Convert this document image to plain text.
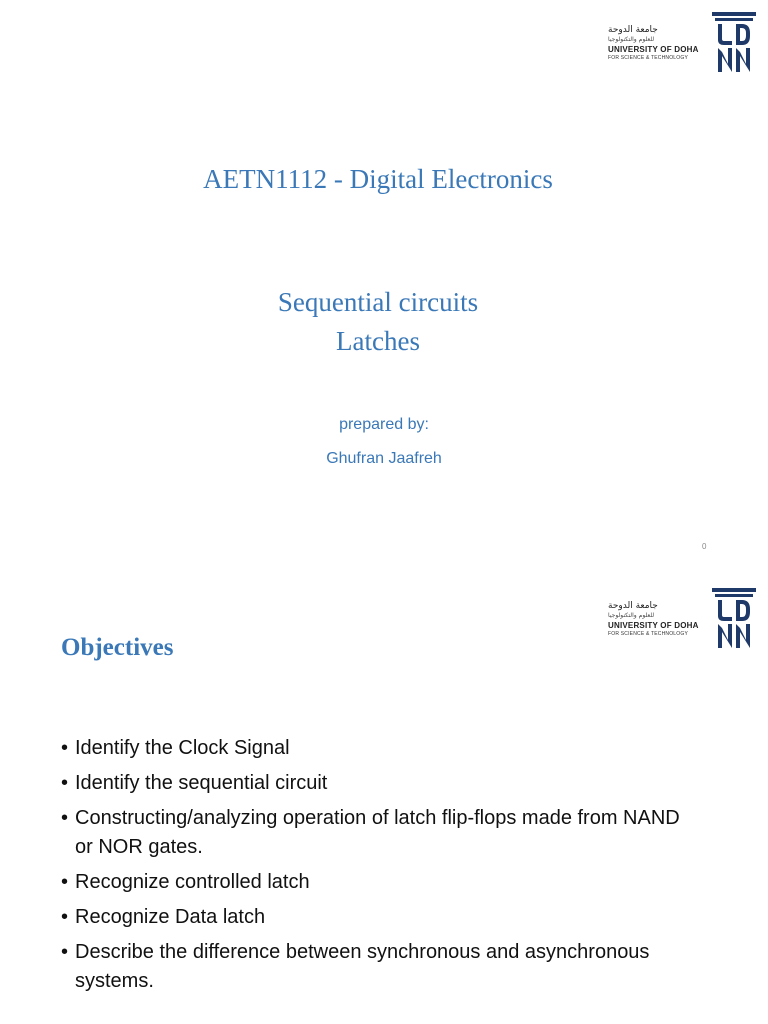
جامعة الدوحة
للعلوم والتكنولوجيا
UNIVERSITY OF DOHA
FOR SCIENCE & TECHNOLOGY
AETN1112 - Digital Electronics
Sequential circuits
Latches
prepared by:
Ghufran Jaafreh
0
جامعة الدوحة
للعلوم والتكنولوجيا
UNIVERSITY OF DOHA
FOR SCIENCE & TECHNOLOGY
Objectives
• Identify the Clock Signal
• Identify the sequential circuit
• Constructing/analyzing operation of latch flip-flops made from NAND or NOR gates.
• Recognize controlled latch
• Recognize Data latch
• Describe the difference between synchronous and asynchronous systems.
